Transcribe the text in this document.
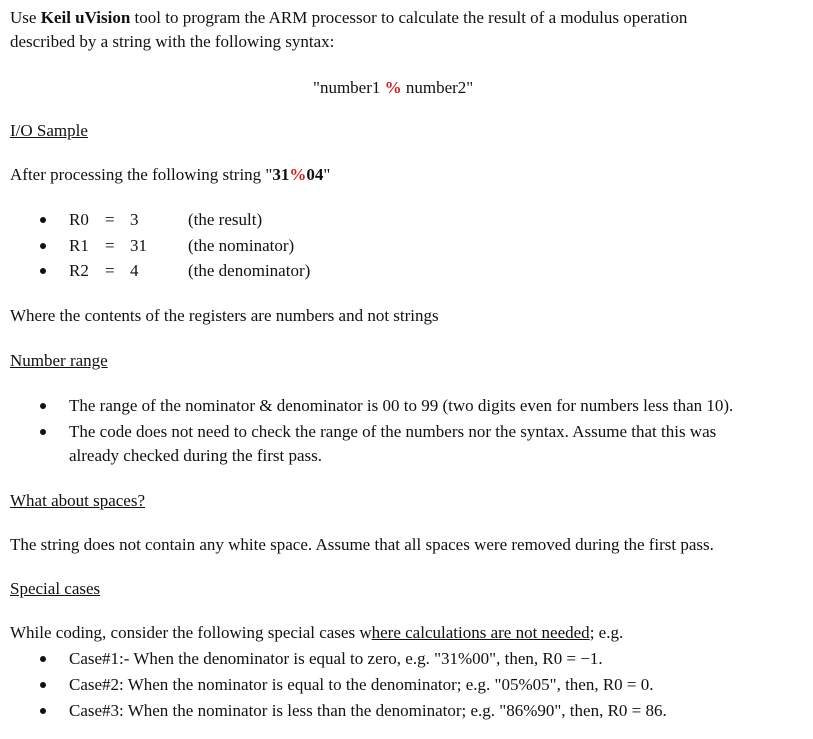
Use Keil uVision tool to program the ARM processor to calculate the result of a modulus operation
described by a string with the following syntax:
"number1 % number2"
I/O Sample
After processing the following string "31%04"
R0 = 3	(the result)
R1 = 31 (the nominator)
R2 = 4	(the denominator)
Where the contents of the registers are numbers and not strings
Number range
The range of the nominator & denominator is 00 to 99 (two digits even for numbers less than 10).
The code does not need to check the range of the numbers nor the syntax. Assume that this was
already checked during the first pass.
What about spaces?
The string does not contain any white space. Assume that all spaces were removed during the first pass.
Special cases
While coding, consider the following special cases where calculations are not needed; e.g.
Case#1:- When the denominator is equal to zero, e.g. "31%00", then, R0 = −1.
Case#2: When the nominator is equal to the denominator; e.g. "05%05", then, R0 = 0.
Case#3: When the nominator is less than the denominator; e.g. "86%90", then, R0 = 86.
